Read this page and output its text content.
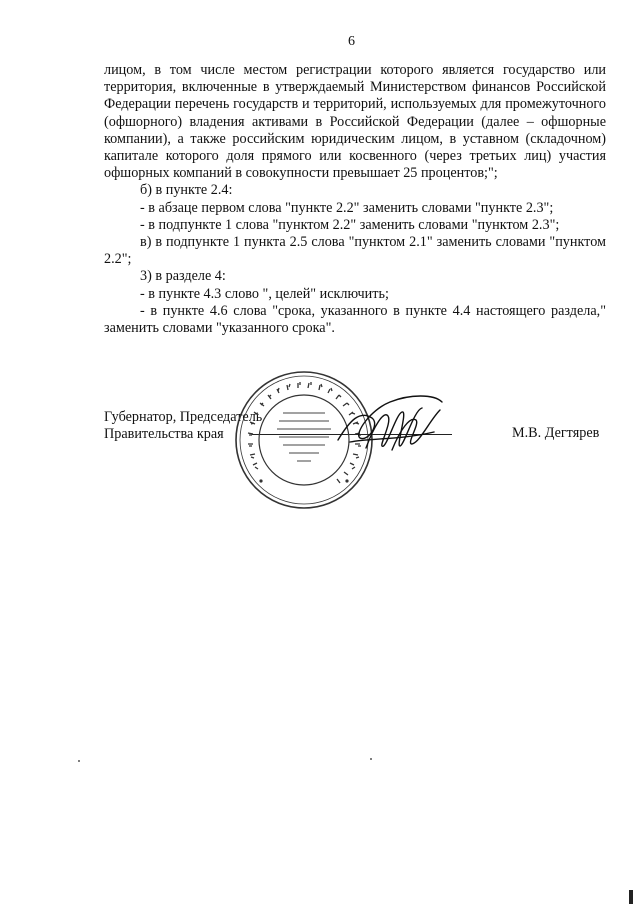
6

лицом, в том числе местом регистрации которого является государство или территория, включенные в утверждаемый Министерством финансов Российской Федерации перечень государств и территорий, используемых для промежуточного (офшорного) владения активами в Российской Федерации (далее – офшорные компании), а также российским юридическим лицом, в уставном (складочном) капитале которого доля прямого или косвенного (через третьих лиц) участия офшорных компаний в совокупности превышает 25 процентов;";

б) в пункте 2.4:

- в абзаце первом слова "пункте 2.2" заменить словами "пункте 2.3";

- в подпункте 1 слова "пунктом 2.2" заменить словами "пунктом 2.3";

в) в подпункте 1 пункта 2.5 слова "пунктом 2.1" заменить словами "пунктом 2.2";

3) в разделе 4:

- в пункте 4.3 слово ", целей" исключить;

- в пункте 4.6 слова "срока, указанного в пункте 4.4 настоящего раздела," заменить словами "указанного срока".

Губернатор, Председатель
Правительства края	М.В. Дегтярев
